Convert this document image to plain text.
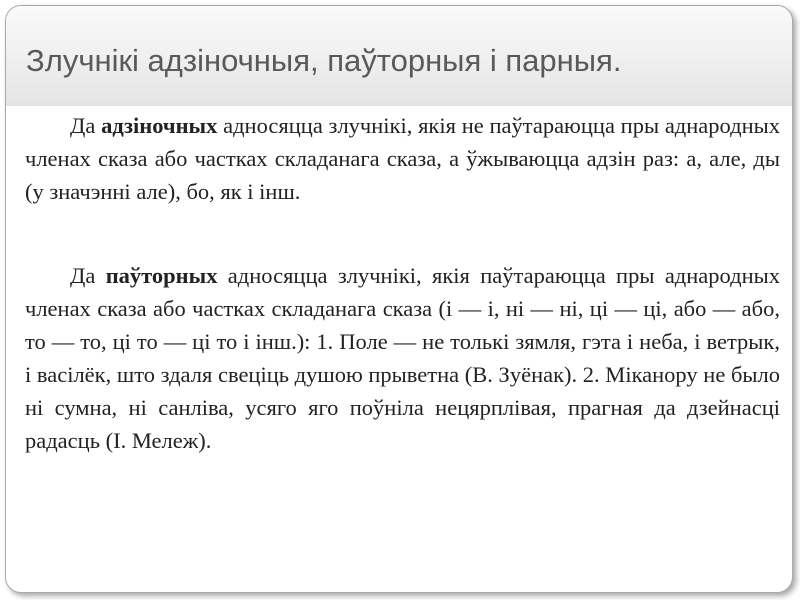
Злучнікі адзіночныя, паўторныя і парныя.

Да адзіночных адносяцца злучнікі, якія не паўтараюцца пры аднародных членах сказа або частках складанага сказа, а ўжываюцца адзін раз: а, але, ды (у значэнні але), бо, як і інш.

Да паўторных адносяцца злучнікі, якія паўтараюцца пры аднародных членах сказа або частках складанага сказа (і — і, ні — ні, ці — ці, або — або, то — то, ці то — ці то і інш.): 1. Поле — не толькі зямля, гэта і неба, і ветрык, і васілёк, што здаля свеціць душою прыветна (В. Зуёнак). 2. Міканору не было ні сумна, ні санліва, усяго яго поўніла нецярплівая, прагная да дзейнасці радасць (І. Мележ).
